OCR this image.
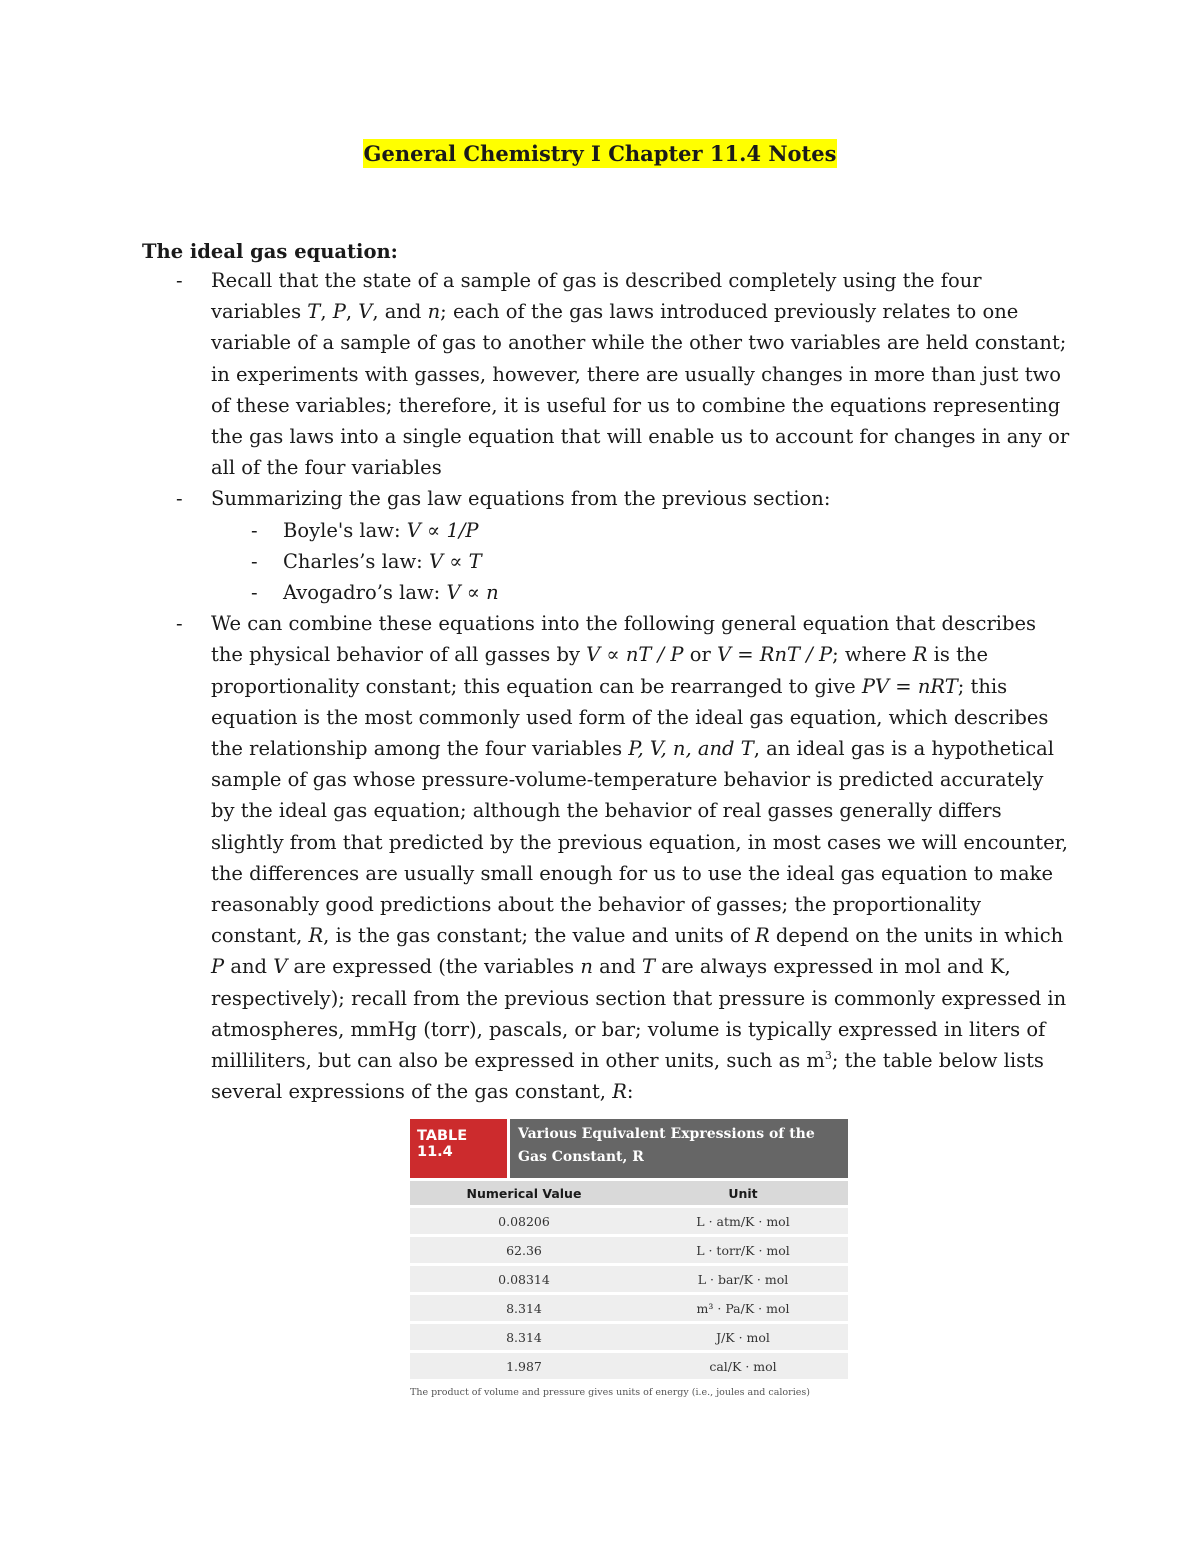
General Chemistry I Chapter 11.4 Notes
The ideal gas equation:
- Recall that the state of a sample of gas is described completely using the four variables T, P, V, and n; each of the gas laws introduced previously relates to one variable of a sample of gas to another while the other two variables are held constant; in experiments with gasses, however, there are usually changes in more than just two of these variables; therefore, it is useful for us to combine the equations representing the gas laws into a single equation that will enable us to account for changes in any or all of the four variables
- Summarizing the gas law equations from the previous section:
- Boyle's law: V ∝ 1/P
- Charles’s law: V ∝ T
- Avogadro’s law: V ∝ n
- We can combine these equations into the following general equation that describes the physical behavior of all gasses by V ∝ nT / P or V = RnT / P; where R is the proportionality constant; this equation can be rearranged to give PV = nRT; this equation is the most commonly used form of the ideal gas equation, which describes the relationship among the four variables P, V, n, and T, an ideal gas is a hypothetical sample of gas whose pressure-volume-temperature behavior is predicted accurately by the ideal gas equation; although the behavior of real gasses generally differs slightly from that predicted by the previous equation, in most cases we will encounter, the differences are usually small enough for us to use the ideal gas equation to make reasonably good predictions about the behavior of gasses; the proportionality constant, R, is the gas constant; the value and units of R depend on the units in which P and V are expressed (the variables n and T are always expressed in mol and K, respectively); recall from the previous section that pressure is commonly expressed in atmospheres, mmHg (torr), pascals, or bar; volume is typically expressed in liters of milliliters, but can also be expressed in other units, such as $m^3$; the table below lists several expressions of the gas constant, R:
TABLE 11.4
Various Equivalent Expressions of the Gas Constant, R
Numerical Value	Unit
0.08206	L · atm/K · mol
62.36	L · torr/K · mol
0.08314	L · bar/K · mol
8.314	m³ · Pa/K · mol
8.314	J/K · mol
1.987	cal/K · mol
The product of volume and pressure gives units of energy (i.e., joules and calories)
